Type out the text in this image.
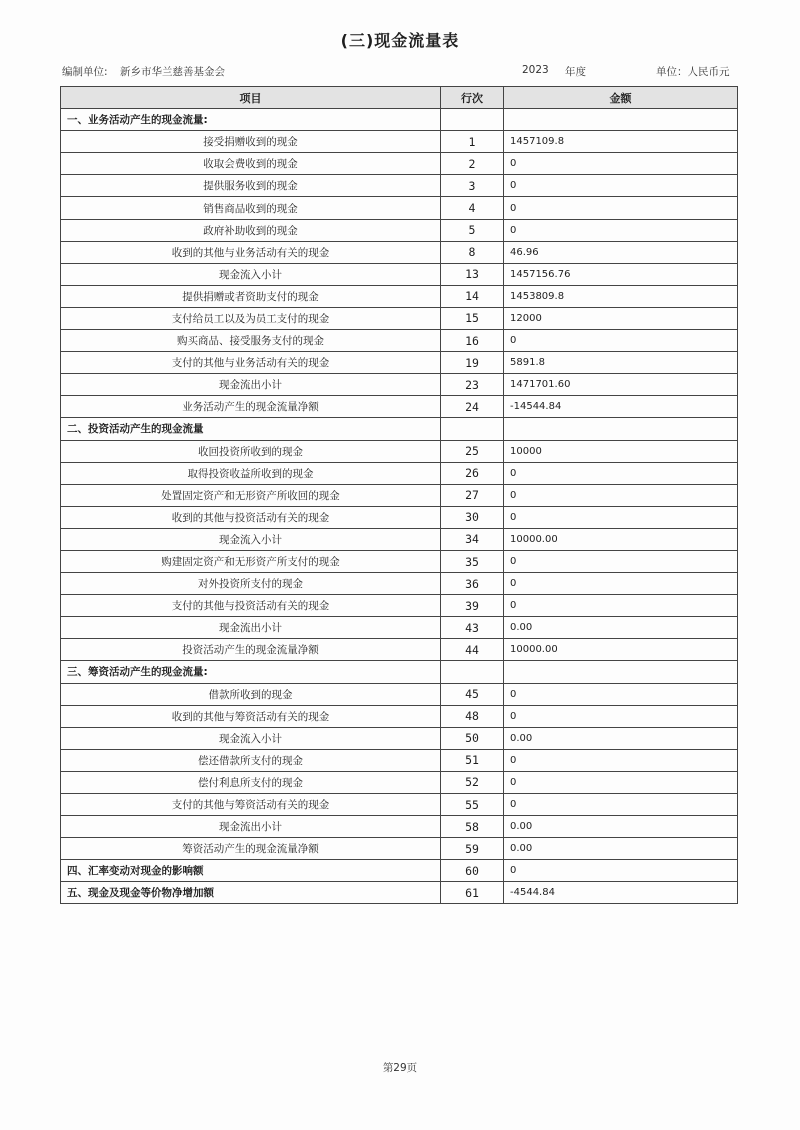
(三)现金流量表
编制单位: 新乡市华兰慈善基金会	2023 年度	单位：人民币元
项目	行次	金额
一、业务活动产生的现金流量:		
接受捐赠收到的现金	1	1457109.8
收取会费收到的现金	2	0
提供服务收到的现金	3	0
销售商品收到的现金	4	0
政府补助收到的现金	5	0
收到的其他与业务活动有关的现金	8	46.96
现金流入小计	13	1457156.76
提供捐赠或者资助支付的现金	14	1453809.8
支付给员工以及为员工支付的现金	15	12000
购买商品、接受服务支付的现金	16	0
支付的其他与业务活动有关的现金	19	5891.8
现金流出小计	23	1471701.60
业务活动产生的现金流量净额	24	-14544.84
二、投资活动产生的现金流量		
收回投资所收到的现金	25	10000
取得投资收益所收到的现金	26	0
处置固定资产和无形资产所收回的现金	27	0
收到的其他与投资活动有关的现金	30	0
现金流入小计	34	10000.00
购建固定资产和无形资产所支付的现金	35	0
对外投资所支付的现金	36	0
支付的其他与投资活动有关的现金	39	0
现金流出小计	43	0.00
投资活动产生的现金流量净额	44	10000.00
三、筹资活动产生的现金流量:		
借款所收到的现金	45	0
收到的其他与筹资活动有关的现金	48	0
现金流入小计	50	0.00
偿还借款所支付的现金	51	0
偿付利息所支付的现金	52	0
支付的其他与筹资活动有关的现金	55	0
现金流出小计	58	0.00
筹资活动产生的现金流量净额	59	0.00
四、汇率变动对现金的影响额	60	0
五、现金及现金等价物净增加额	61	-4544.84
第29页
